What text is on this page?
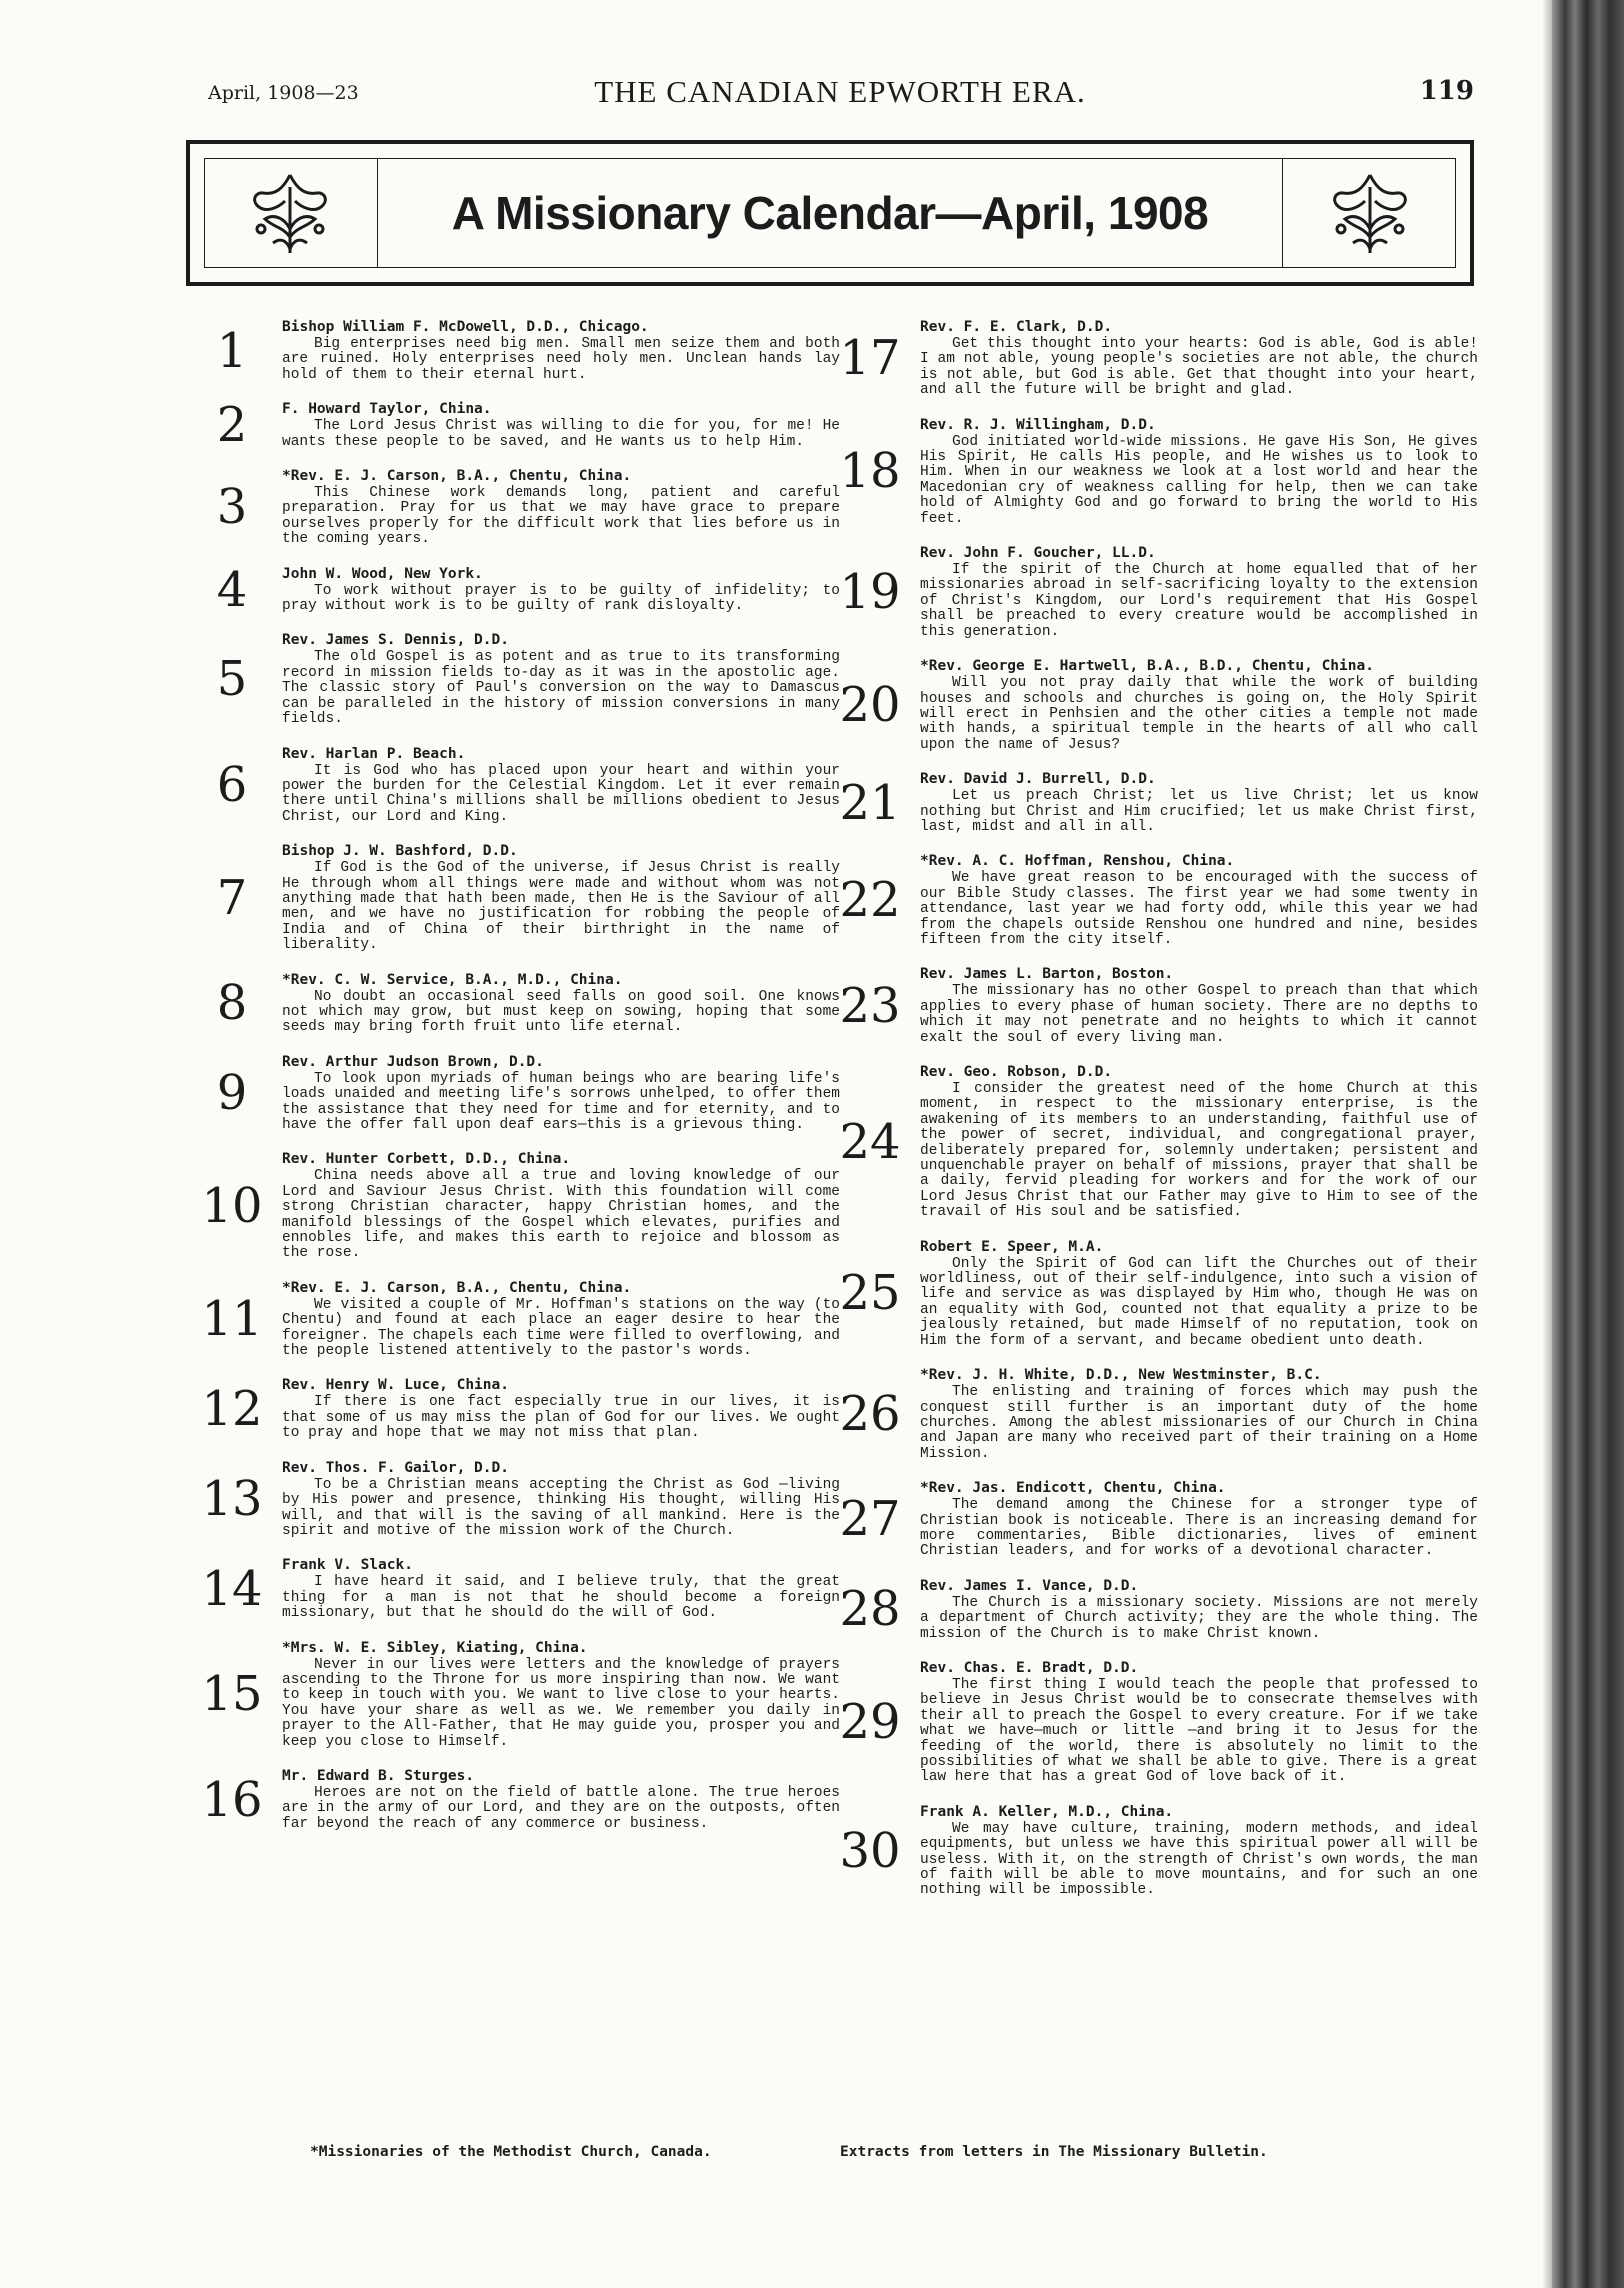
April, 1908—23	THE CANADIAN EPWORTH ERA.	119
A Missionary Calendar—April, 1908
1	Bishop William F. McDowell, D.D., Chicago.
Big enterprises need big men. Small men seize them and both are ruined. Holy enterprises need holy men. Unclean hands lay hold of them to their eternal hurt.
2	F. Howard Taylor, China.
The Lord Jesus Christ was willing to die for you, for me! He wants these people to be saved, and He wants us to help Him.
3
*Rev. E. J. Carson, B.A., Chentu, China.
This Chinese work demands long, patient and careful preparation. Pray for us that we may have grace to prepare ourselves properly for the difficult work that lies before us in the coming years.
4	John W. Wood, New York.
To work without prayer is to be guilty of infidelity; to pray without work is to be guilty of rank disloyalty.
5
Rev. James S. Dennis, D.D.
The old Gospel is as potent and as true to its transforming record in mission fields to-day as it was in the apostolic age. The classic story of Paul's conversion on the way to Damascus can be paralleled in the history of mission conversions in many fields.
6
Rev. Harlan P. Beach.
It is God who has placed upon your heart and within your power the burden for the Celestial Kingdom. Let it ever remain there until China's millions shall be millions obedient to Jesus Christ, our Lord and King.
7
Bishop J. W. Bashford, D.D.
If God is the God of the universe, if Jesus Christ is really He through whom all things were made and without whom was not anything made that hath been made, then He is the Saviour of all men, and we have no justification for robbing the people of India and of China of their birthright in the name of liberality.
8	*Rev. C. W. Service, B.A., M.D., China.
No doubt an occasional seed falls on good soil. One knows not which may grow, but must keep on sowing, hoping that some seeds may bring forth fruit unto life eternal.
9
Rev. Arthur Judson Brown, D.D.
To look upon myriads of human beings who are bearing life's loads unaided and meeting life's sorrows unhelped, to offer them the assistance that they need for time and for eternity, and to have the offer fall upon deaf ears—this is a grievous thing.
10
Rev. Hunter Corbett, D.D., China.
China needs above all a true and loving knowledge of our Lord and Saviour Jesus Christ. With this foundation will come strong Christian character, happy Christian homes, and the manifold blessings of the Gospel which elevates, purifies and ennobles life, and makes this earth to rejoice and blossom as the rose.
11
*Rev. E. J. Carson, B.A., Chentu, China.
We visited a couple of Mr. Hoffman's stations on the way (to Chentu) and found at each place an eager desire to hear the foreigner. The chapels each time were filled to overflowing, and the people listened attentively to the pastor's words.
12 Rev. Henry W. Luce, China.
If there is one fact especially true in our lives, it is that some of us may miss the plan of God for our lives. We ought to pray and hope that we may not miss that plan.
13
Rev. Thos. F. Gailor, D.D.
To be a Christian means accepting the Christ as God —living by His power and presence, thinking His thought, willing His will, and that will is the saving of all mankind. Here is the spirit and motive of the mission work of the Church.
14 Frank V. Slack.
I have heard it said, and I believe truly, that the great thing for a man is not that he should become a foreign missionary, but that he should do the will of God.
15
*Mrs. W. E. Sibley, Kiating, China.
Never in our lives were letters and the knowledge of prayers ascending to the Throne for us more inspiring than now. We want to keep in touch with you. We want to live close to your hearts. You have your share as well as we. We remember you daily in prayer to the All-Father, that He may guide you, prosper you and keep you close to Himself.
16 Mr. Edward B. Sturges.
Heroes are not on the field of battle alone. The true heroes are in the army of our Lord, and they are on the outposts, often far beyond the reach of any commerce or business.
17
Rev. F. E. Clark, D.D.
Get this thought into your hearts: God is able, God is able! I am not able, young people's societies are not able, the church is not able, but God is able. Get that thought into your heart, and all the future will be bright and glad.
18
Rev. R. J. Willingham, D.D.
God initiated world-wide missions. He gave His Son, He gives His Spirit, He calls His people, and He wishes us to look to Him. When in our weakness we look at a lost world and hear the Macedonian cry of weakness calling for help, then we can take hold of Almighty God and go forward to bring the world to His feet.
19
Rev. John F. Goucher, LL.D.
If the spirit of the Church at home equalled that of her missionaries abroad in self-sacrificing loyalty to the extension of Christ's Kingdom, our Lord's requirement that His Gospel shall be preached to every creature would be accomplished in this generation.
20
*Rev. George E. Hartwell, B.A., B.D., Chentu, China.
Will you not pray daily that while the work of building houses and schools and churches is going on, the Holy Spirit will erect in Penhsien and the other cities a temple not made with hands, a spiritual temple in the hearts of all who call upon the name of Jesus?
21 Rev. David J. Burrell, D.D.
Let us preach Christ; let us live Christ; let us know nothing but Christ and Him crucified; let us make Christ first, last, midst and all in all.
22
*Rev. A. C. Hoffman, Renshou, China.
We have great reason to be encouraged with the success of our Bible Study classes. The first year we had some twenty in attendance, last year we had forty odd, while this year we had from the chapels outside Renshou one hundred and nine, besides fifteen from the city itself.
23
Rev. James L. Barton, Boston.
The missionary has no other Gospel to preach than that which applies to every phase of human society. There are no depths to which it may not penetrate and no heights to which it cannot exalt the soul of every living man.
24
Rev. Geo. Robson, D.D.
I consider the greatest need of the home Church at this moment, in respect to the missionary enterprise, is the awakening of its members to an understanding, faithful use of the power of secret, individual, and congregational prayer, deliberately prepared for, solemnly undertaken; persistent and unquenchable prayer on behalf of missions, prayer that shall be a daily, fervid pleading for workers and for the work of our Lord Jesus Christ that our Father may give to Him to see of the travail of His soul and be satisfied.
25
Robert E. Speer, M.A.
Only the Spirit of God can lift the Churches out of their worldliness, out of their self-indulgence, into such a vision of life and service as was displayed by Him who, though He was on an equality with God, counted not that equality a prize to be jealously retained, but made Himself of no reputation, took on Him the form of a servant, and became obedient unto death.
26
*Rev. J. H. White, D.D., New Westminster, B.C.
The enlisting and training of forces which may push the conquest still further is an important duty of the home churches. Among the ablest missionaries of our Church in China and Japan are many who received part of their training on a Home Mission.
27
*Rev. Jas. Endicott, Chentu, China.
The demand among the Chinese for a stronger type of Christian book is noticeable. There is an increasing demand for more commentaries, Bible dictionaries, lives of eminent Christian leaders, and for works of a devotional character.
28 Rev. James I. Vance, D.D.
The Church is a missionary society. Missions are not merely a department of Church activity; they are the whole thing. The mission of the Church is to make Christ known.
29
Rev. Chas. E. Bradt, D.D.
The first thing I would teach the people that professed to believe in Jesus Christ would be to consecrate themselves with their all to preach the Gospel to every creature. For if we take what we have—much or little —and bring it to Jesus for the feeding of the world, there is absolutely no limit to the possibilities of what we shall be able to give. There is a great law here that has a great God of love back of it.
30
Frank A. Keller, M.D., China.
We may have culture, training, modern methods, and ideal equipments, but unless we have this spiritual power all will be useless. With it, on the strength of Christ's own words, the man of faith will be able to move mountains, and for such an one nothing will be impossible.
*Missionaries of the Methodist Church, Canada.	Extracts from letters in The Missionary Bulletin.
